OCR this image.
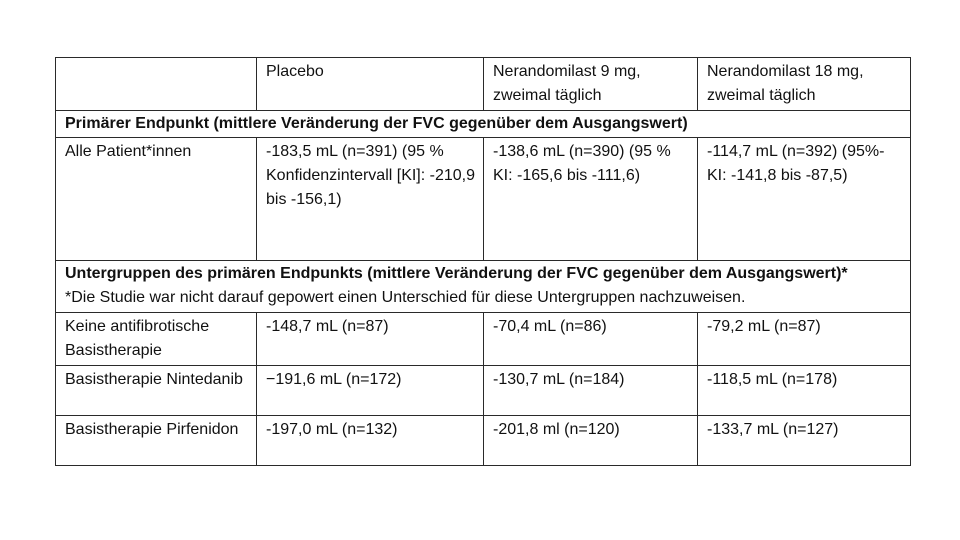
	Placebo	Nerandomilast 9 mg, zweimal täglich	Nerandomilast 18 mg, zweimal täglich
Primärer Endpunkt (mittlere Veränderung der FVC gegenüber dem Ausgangswert)			
Alle Patient*innen	-183,5 mL (n=391) (95 % Konfidenzintervall [KI]: -210,9 bis -156,1)	-138,6 mL (n=390) (95 % KI: -165,6 bis -111,6)	-114,7 mL (n=392) (95%-KI: -141,8 bis -87,5)

Untergruppen des primären Endpunkts (mittlere Veränderung der FVC gegenüber dem Ausgangswert)*
*Die Studie war nicht darauf gepowert einen Unterschied für diese Untergruppen nachzuweisen.			

Keine antifibrotische Basistherapie	-148,7 mL (n=87)	-70,4 mL (n=86)	-79,2 mL (n=87)
Basistherapie Nintedanib	−191,6 mL (n=172)	-130,7 mL (n=184)	-118,5 mL (n=178)
Basistherapie Pirfenidon	-197,0 mL (n=132)	-201,8 ml (n=120)	-133,7 mL (n=127)
